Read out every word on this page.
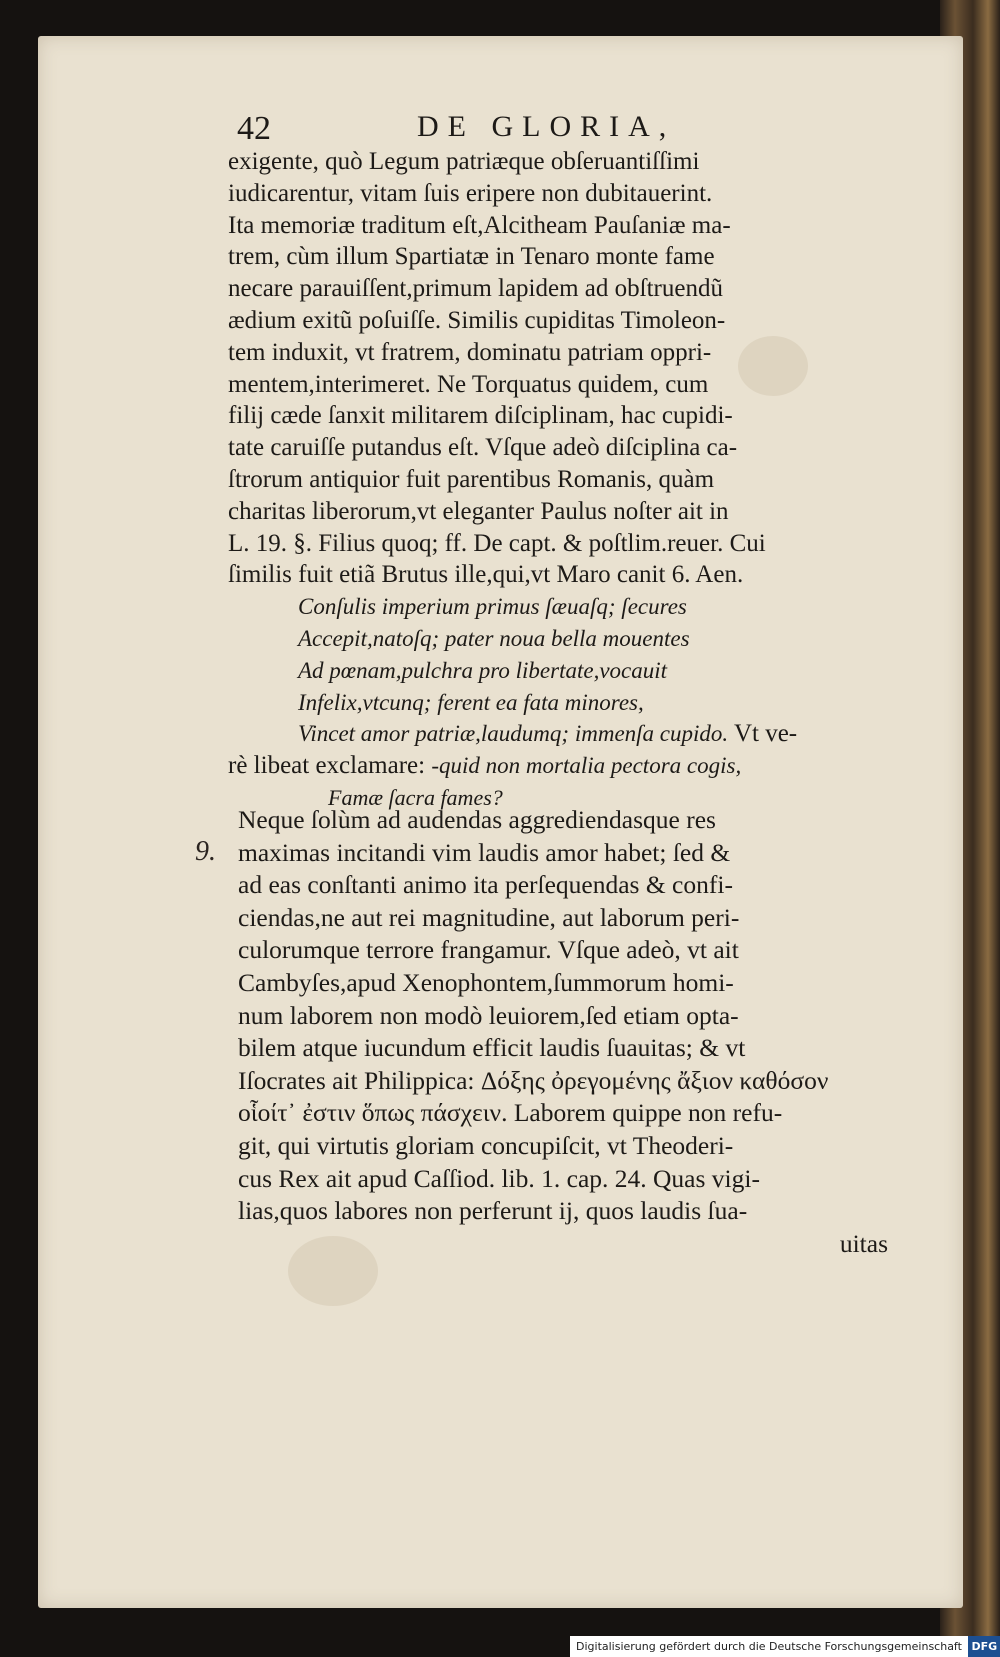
42	DE GLORIA,
exigente, quò Legum patriæque obſeruantiſſimi
iudicarentur, vitam ſuis eripere non dubitauerint.
Ita memoriæ traditum eſt,Alcitheam Pauſaniæ ma-
trem, cùm illum Spartiatæ in Tenaro monte fame
necare parauiſſent,primum lapidem ad obſtruendũ
ædium exitũ poſuiſſe. Similis cupiditas Timoleon-
tem induxit, vt fratrem, dominatu patriam oppri-
mentem,interimeret. Ne Torquatus quidem, cum
filij cæde ſanxit militarem diſciplinam, hac cupidi-
tate caruiſſe putandus eſt. Vſque adeò diſciplina ca-
ſtrorum antiquior fuit parentibus Romanis, quàm
charitas liberorum,vt eleganter Paulus noſter ait in
L. 19. §. Filius quoq; ff. De capt. & poſtlim.reuer. Cui
ſimilis fuit etiã Brutus ille,qui,vt Maro canit 6. Aen.
Conſulis imperium primus ſæuaſq; ſecures
Accepit,natoſq; pater noua bella mouentes
Ad pœnam,pulchra pro libertate,vocauit
Infelix,vtcunq; ferent ea fata minores,
Vincet amor patriæ,laudumq; immenſa cupido. Vt ve-
rè libeat exclamare: -quid non mortalia pectora cogis,
Famæ ſacra fames?
9.
Neque ſolùm ad audendas aggrediendasque res
maximas incitandi vim laudis amor habet; ſed &
ad eas conſtanti animo ita perſequendas & confi-
ciendas,ne aut rei magnitudine, aut laborum peri-
culorumque terrore frangamur. Vſque adeò, vt ait
Cambyſes,apud Xenophontem,ſummorum homi-
num laborem non modò leuiorem,ſed etiam opta-
bilem atque iucundum efficit laudis ſuauitas; & vt
Iſocrates ait Philippica: Δόξης ὀρεγομένης ἄξιον καθόσον
οἷοίτ᾽ ἐστιν ὅπως πάσχειν. Laborem quippe non refu-
git, qui virtutis gloriam concupiſcit, vt Theoderi-
cus Rex ait apud Caſſiod. lib. 1. cap. 24. Quas vigi-
lias,quos labores non perferunt ij, quos laudis ſua-
uitas
Digitalisierung gefördert durch die Deutsche Forschungsgemeinschaft DFG
